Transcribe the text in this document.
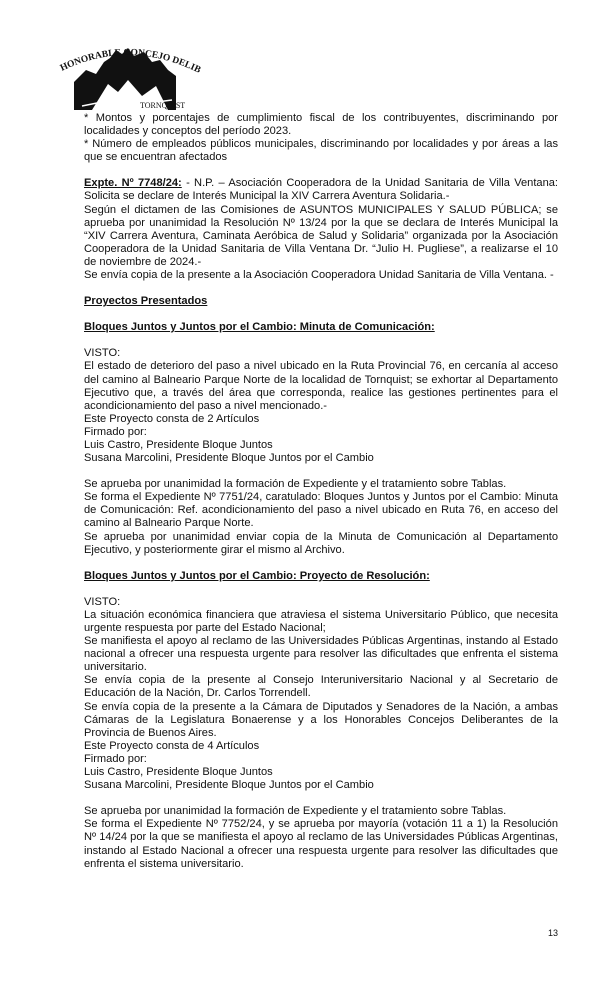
HONORABLE CONCEJO DELIB
TORNQUIST

* Montos y porcentajes de cumplimiento fiscal de los contribuyentes, discriminando por localidades y conceptos del período 2023.

* Número de empleados públicos municipales, discriminando por localidades y por áreas a las que se encuentran afectados

Expte. Nº 7748/24: - N.P. – Asociación Cooperadora de la Unidad Sanitaria de Villa Ventana: Solicita se declare de Interés Municipal la XIV Carrera Aventura Solidaria.-

Según el dictamen de las Comisiones de ASUNTOS MUNICIPALES Y SALUD PÚBLICA; se aprueba por unanimidad la Resolución Nº 13/24 por la que se declara de Interés Municipal la “XIV Carrera Aventura, Caminata Aeróbica de Salud y Solidaria” organizada por la Asociación Cooperadora de la Unidad Sanitaria de Villa Ventana Dr. “Julio H. Pugliese”, a realizarse el 10 de noviembre de 2024.-

Se envía copia de la presente a la Asociación Cooperadora Unidad Sanitaria de Villa Ventana. -

Proyectos Presentados

Bloques Juntos y Juntos por el Cambio: Minuta de Comunicación:

VISTO:

El estado de deterioro del paso a nivel ubicado en la Ruta Provincial 76, en cercanía al acceso del camino al Balneario Parque Norte de la localidad de Tornquist; se exhortar al Departamento Ejecutivo que, a través del área que corresponda, realice las gestiones pertinentes para el acondicionamiento del paso a nivel mencionado.-

Este Proyecto consta de 2 Artículos

Firmado por:

Luis Castro, Presidente Bloque Juntos

Susana Marcolini, Presidente Bloque Juntos por el Cambio

Se aprueba por unanimidad la formación de Expediente y el tratamiento sobre Tablas.

Se forma el Expediente Nº 7751/24, caratulado: Bloques Juntos y Juntos por el Cambio: Minuta de Comunicación: Ref. acondicionamiento del paso a nivel ubicado en Ruta 76, en acceso del camino al Balneario Parque Norte.

Se aprueba por unanimidad enviar copia de la Minuta de Comunicación al Departamento Ejecutivo, y posteriormente girar el mismo al Archivo.

Bloques Juntos y Juntos por el Cambio: Proyecto de Resolución:

VISTO:

La situación económica financiera que atraviesa el sistema Universitario Público, que necesita urgente respuesta por parte del Estado Nacional;

Se manifiesta el apoyo al reclamo de las Universidades Públicas Argentinas, instando al Estado nacional a ofrecer una respuesta urgente para resolver las dificultades que enfrenta el sistema universitario.

Se envía copia de la presente al Consejo Interuniversitario Nacional y al Secretario de Educación de la Nación, Dr. Carlos Torrendell.

Se envía copia de la presente a la Cámara de Diputados y Senadores de la Nación, a ambas Cámaras de la Legislatura Bonaerense y a los Honorables Concejos Deliberantes de la Provincia de Buenos Aires.

Este Proyecto consta de 4 Artículos

Firmado por:

Luis Castro, Presidente Bloque Juntos

Susana Marcolini, Presidente Bloque Juntos por el Cambio

Se aprueba por unanimidad la formación de Expediente y el tratamiento sobre Tablas.

Se forma el Expediente Nº 7752/24, y se aprueba por mayoría (votación 11 a 1) la Resolución Nº 14/24 por la que se manifiesta el apoyo al reclamo de las Universidades Públicas Argentinas, instando al Estado Nacional a ofrecer una respuesta urgente para resolver las dificultades que enfrenta el sistema universitario.

13
